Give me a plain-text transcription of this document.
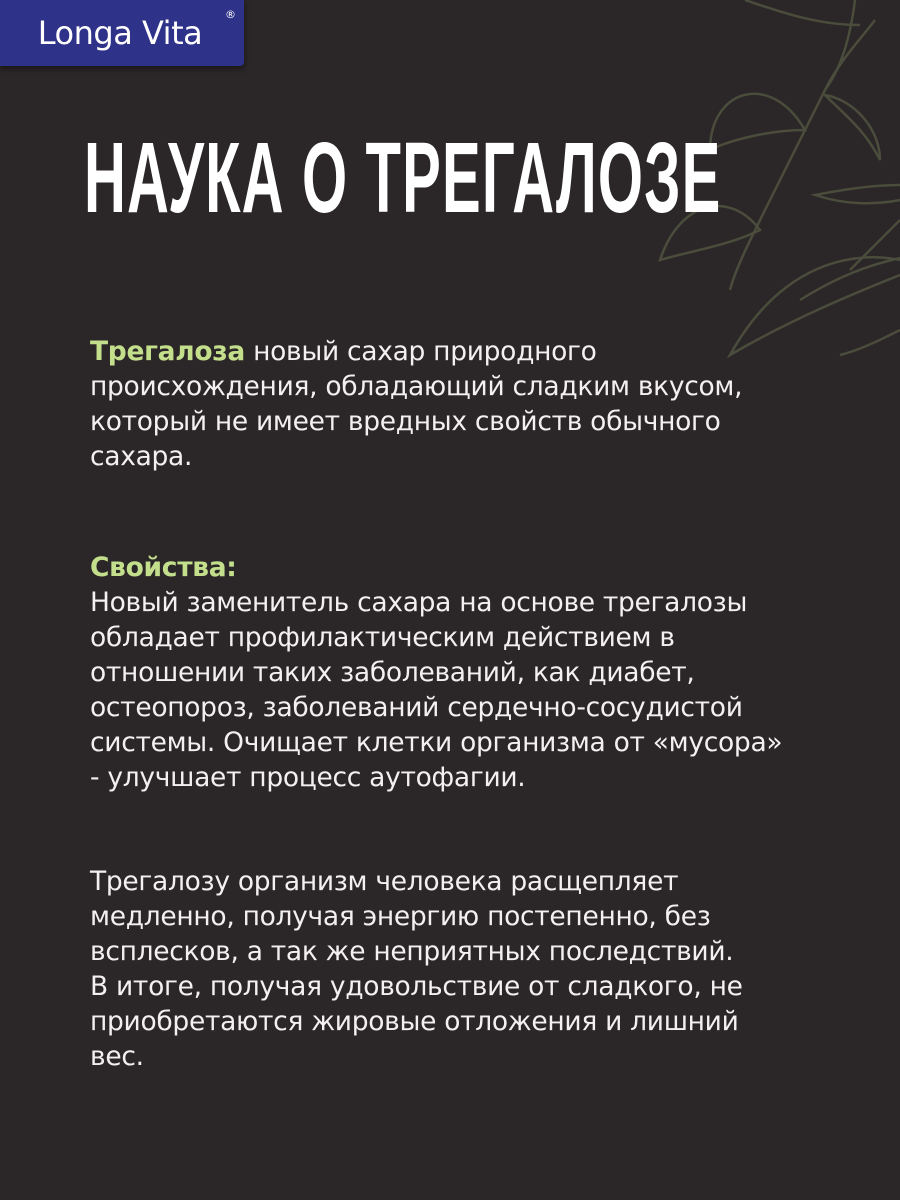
Longa Vita ®
НАУКА О ТРЕГАЛОЗЕ
Трегалоза новый сахар природного
происхождения, обладающий сладким вкусом,
который не имеет вредных свойств обычного
сахара.
Свойства:
Новый заменитель сахара на основе трегалозы
обладает профилактическим действием в
отношении таких заболеваний, как диабет,
остеопороз, заболеваний сердечно-сосудистой
системы. Очищает клетки организма от «мусора»
- улучшает процесс аутофагии.
Трегалозу организм человека расщепляет
медленно, получая энергию постепенно, без
всплесков, а так же неприятных последствий.
В итоге, получая удовольствие от сладкого, не
приобретаются жировые отложения и лишний
вес.
